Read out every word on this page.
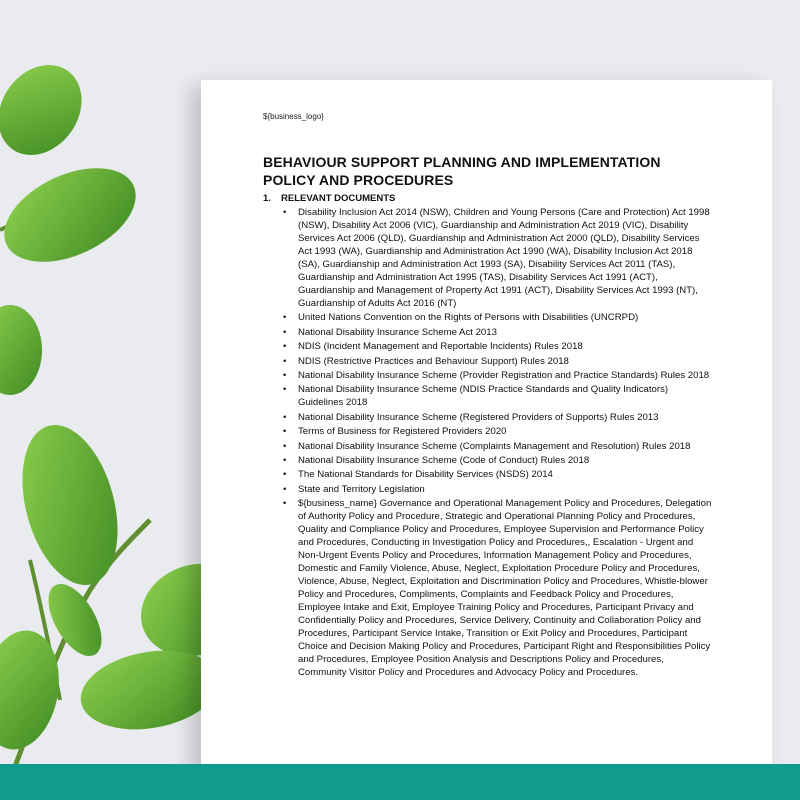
${business_logo}
BEHAVIOUR SUPPORT PLANNING AND IMPLEMENTATION POLICY AND PROCEDURES
1. RELEVANT DOCUMENTS
• Disability Inclusion Act 2014 (NSW), Children and Young Persons (Care and Protection) Act 1998 (NSW), Disability Act 2006 (VIC), Guardianship and Administration Act 2019 (VIC), Disability Services Act 2006 (QLD), Guardianship and Administration Act 2000 (QLD), Disability Services Act 1993 (WA), Guardianship and Administration Act 1990 (WA), Disability Inclusion Act 2018 (SA), Guardianship and Administration Act 1993 (SA), Disability Services Act 2011 (TAS), Guardianship and Administration Act 1995 (TAS), Disability Services Act 1991 (ACT), Guardianship and Management of Property Act 1991 (ACT), Disability Services Act 1993 (NT), Guardianship of Adults Act 2016 (NT)
• United Nations Convention on the Rights of Persons with Disabilities (UNCRPD)
• National Disability Insurance Scheme Act 2013
• NDIS (Incident Management and Reportable Incidents) Rules 2018
• NDIS (Restrictive Practices and Behaviour Support) Rules 2018
• National Disability Insurance Scheme (Provider Registration and Practice Standards) Rules 2018
• National Disability Insurance Scheme (NDIS Practice Standards and Quality Indicators) Guidelines 2018
• National Disability Insurance Scheme (Registered Providers of Supports) Rules 2013
• Terms of Business for Registered Providers 2020
• National Disability Insurance Scheme (Complaints Management and Resolution) Rules 2018
• National Disability Insurance Scheme (Code of Conduct) Rules 2018
• The National Standards for Disability Services (NSDS) 2014
• State and Territory Legislation
• ${business_name} Governance and Operational Management Policy and Procedures, Delegation of Authority Policy and Procedure, Strategic and Operational Planning Policy and Procedures, Quality and Compliance Policy and Procedures, Employee Supervision and Performance Policy and Procedures, Conducting in Investigation Policy and Procedures,, Escalation - Urgent and Non-Urgent Events Policy and Procedures, Information Management Policy and Procedures, Domestic and Family Violence, Abuse, Neglect, Exploitation Procedure Policy and Procedures, Violence, Abuse, Neglect, Exploitation and Discrimination Policy and Procedures, Whistle-blower Policy and Procedures, Compliments, Complaints and Feedback Policy and Procedures, Employee Intake and Exit, Employee Training Policy and Procedures, Participant Privacy and Confidentially Policy and Procedures, Service Delivery, Continuity and Collaboration Policy and Procedures, Participant Service Intake, Transition or Exit Policy and Procedures, Participant Choice and Decision Making Policy and Procedures, Participant Right and Responsibilities Policy and Procedures, Employee Position Analysis and Descriptions Policy and Procedures, Community Visitor Policy and Procedures and Advocacy Policy and Procedures.
